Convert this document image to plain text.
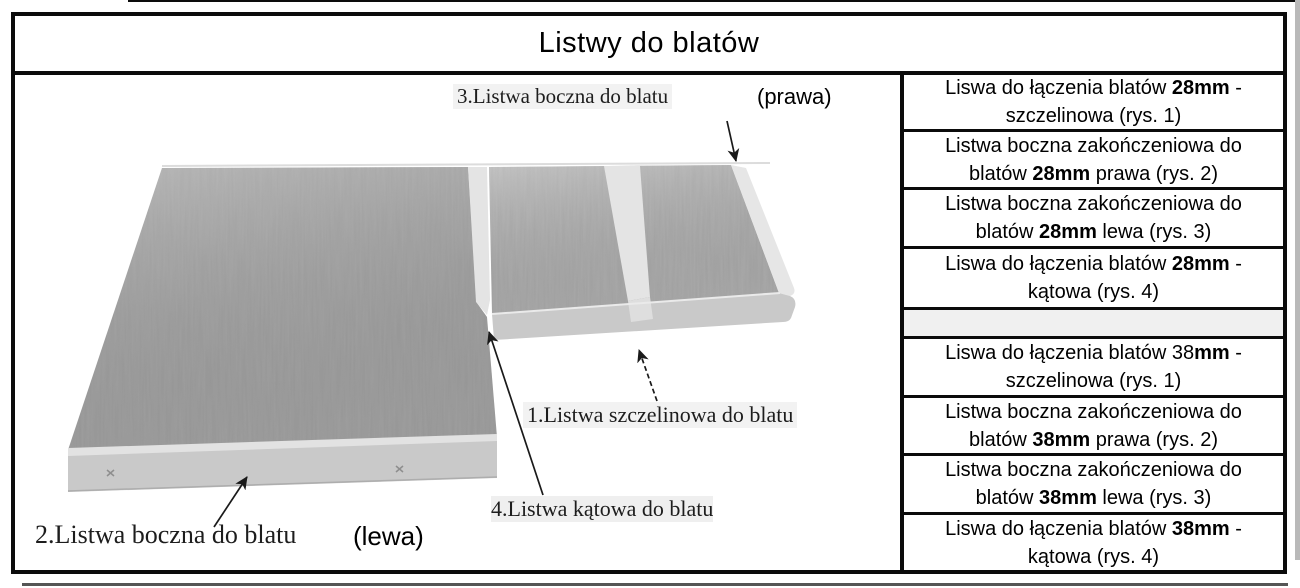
Listwy do blatów
3.Listwa boczna do blatu	(prawa)
1.Listwa szczelinowa do blatu
4.Listwa kątowa do blatu
2.Listwa boczna do blatu (lewa)
Liswa do łączenia blatów 28mm - szczelinowa (rys. 1)
Listwa boczna zakończeniowa do blatów 28mm prawa (rys. 2)
Listwa boczna zakończeniowa do blatów 28mm lewa (rys. 3)
Liswa do łączenia blatów 28mm - kątowa (rys. 4)
Liswa do łączenia blatów 38mm - szczelinowa (rys. 1)
Listwa boczna zakończeniowa do blatów 38mm prawa (rys. 2)
Listwa boczna zakończeniowa do blatów 38mm lewa (rys. 3)
Liswa do łączenia blatów 38mm - kątowa (rys. 4)
